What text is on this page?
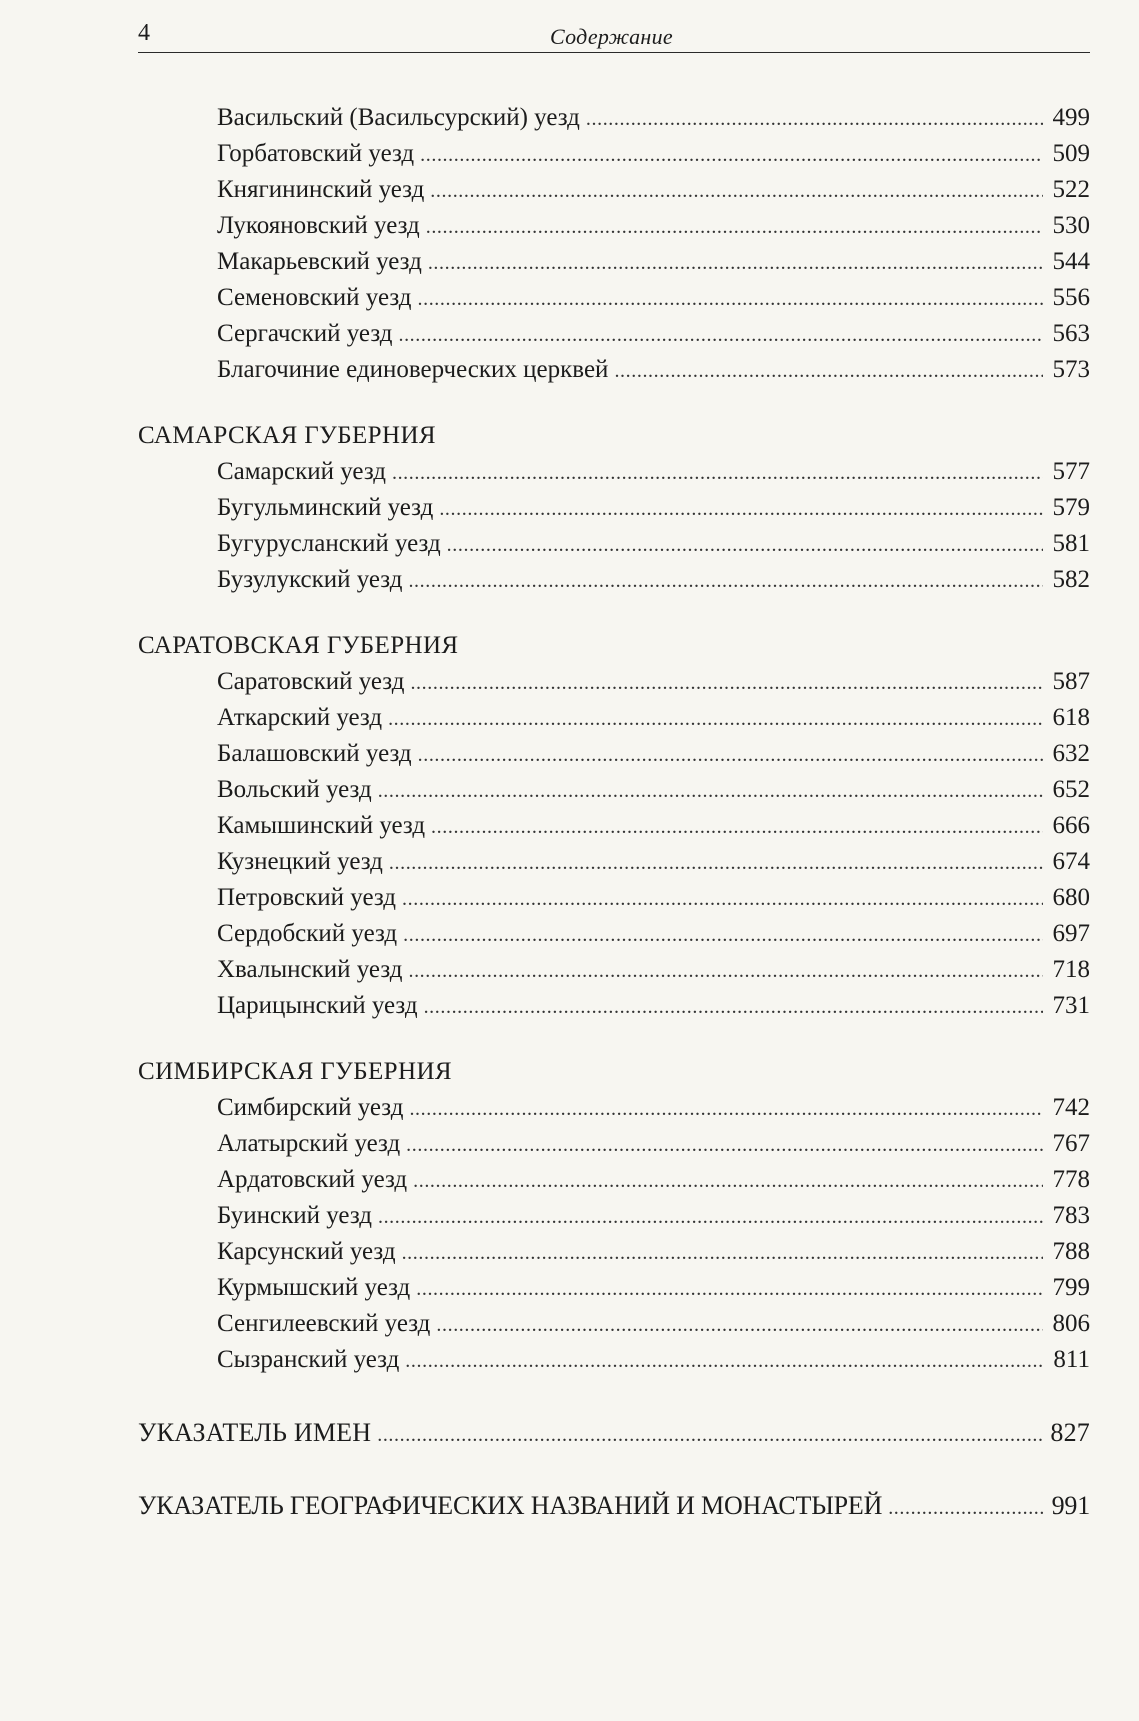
4	Содержание
Васильский (Васильсурский) уезд . . .	499
Горбатовский уезд . . .	509
Княгининский уезд . . .	522
Лукояновский уезд . . .	530
Макарьевский уезд . . .	544
Семеновский уезд . . .	556
Сергачский уезд . . .	563
Благочиние единоверческих церквей . . .	573
САМАРСКАЯ ГУБЕРНИЯ
Самарский уезд . . .	577
Бугульминский уезд . . .	579
Бугурусланский уезд . . .	581
Бузулукский уезд . . .	582
САРАТОВСКАЯ ГУБЕРНИЯ
Саратовский уезд . . .	587
Аткарский уезд . . .	618
Балашовский уезд . . .	632
Вольский уезд . . .	652
Камышинский уезд . . .	666
Кузнецкий уезд . . .	674
Петровский уезд . . .	680
Сердобский уезд . . .	697
Хвалынский уезд . . .	718
Царицынский уезд . . .	731
СИМБИРСКАЯ ГУБЕРНИЯ
Симбирский уезд . . .	742
Алатырский уезд . . .	767
Ардатовский уезд . . .	778
Буинский уезд . . .	783
Карсунский уезд . . .	788
Курмышский уезд . . .	799
Сенгилеевский уезд . . .	806
Сызранский уезд . . .	811
УКАЗАТЕЛЬ ИМЕН . . .	827
УКАЗАТЕЛЬ ГЕОГРАФИЧЕСКИХ НАЗВАНИЙ И МОНАСТЫРЕЙ . . .	991
